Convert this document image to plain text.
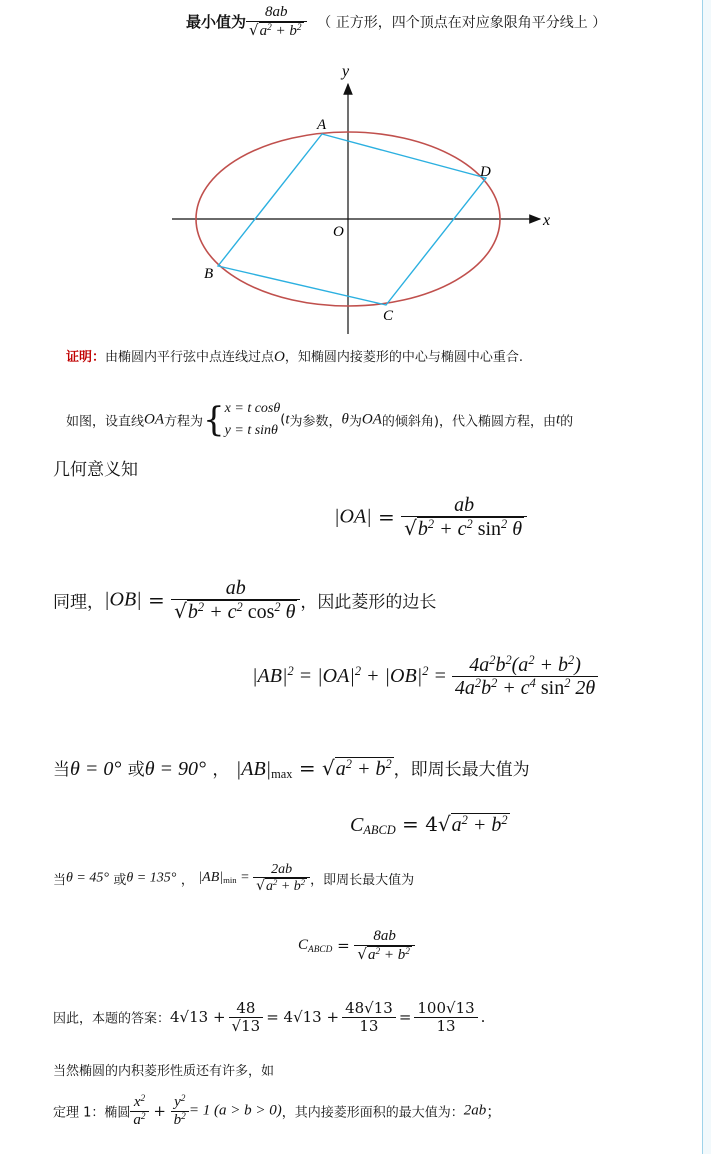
最小值为 $\frac{8ab}{√a^2 + b^2}$ （ 正方形，四个顶点在对应象限角平分线上 ）
y
x
O
A
D
B
C
证明：由椭圆内平行弦中点连线过点O，知椭圆内接菱形的中心与椭圆中心重合.
如图，设直线OA方程为{ x = t cosθ
y = t sinθ
(t为参数，θ为OA的倾斜角)，代入椭圆方程，由t的
几何意义知
$|OA| = \frac{ab}{√b^2 + c^2 \sin^2 \theta}$
同理，$|OB| = \frac{ab}{√b^2 + c^2 \cos^2 \theta}$ ，因此菱形的边长
$|AB|^2 = |OA|^2 + |OB|^2 = \frac{4a^2b^2(a^2 + b^2)}{4a^2b^2 + c^4 \sin^2 2\theta}$
当θ = 0° 或θ = 90° ， $|AB|_{max} = √a^2 + b^2$ ，即周长最大值为
$C_{ABCD} = 4√a^2 + b^2$
当θ = 45° 或θ = 135° ， $|AB|_{min} = \frac{2ab}{√a^2 + b^2}$ ，即周长最大值为
$C_{ABCD} = \frac{8ab}{√a^2 + b^2}$
因此，本题的答案：$4√13 + \frac{48}{√13} = 4√13 + \frac{48√13}{13} = \frac{100√13}{13}$ .
当然椭圆的内积菱形性质还有许多，如
定理 1：椭圆 $\frac{x^2}{a^2} + \frac{y^2}{b^2} = 1$ (a > b > 0)，其内接菱形面积的最大值为：2ab；
